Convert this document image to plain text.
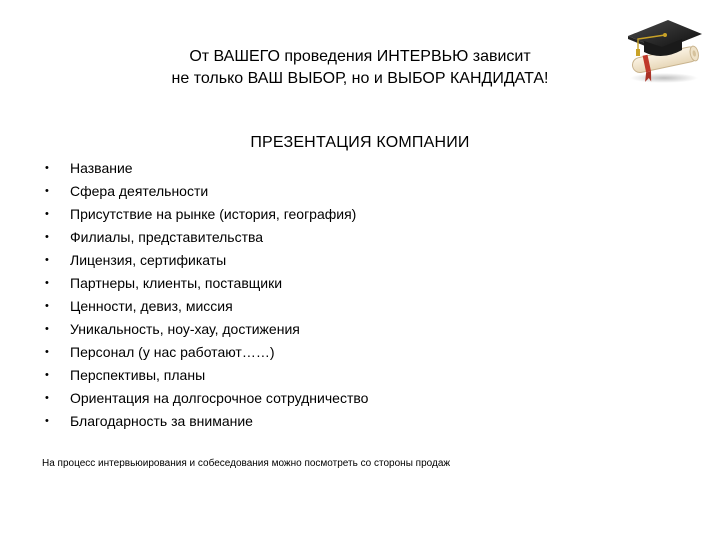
От ВАШЕГО проведения ИНТЕРВЬЮ зависит
не только ВАШ ВЫБОР, но и ВЫБОР КАНДИДАТА!
ПРЕЗЕНТАЦИЯ КОМПАНИИ
• Название
• Сфера деятельности
• Присутствие на рынке (история, география)
• Филиалы, представительства
• Лицензия, сертификаты
• Партнеры, клиенты, поставщики
• Ценности, девиз, миссия
• Уникальность, ноу-хау, достижения
• Персонал (у нас работают……)
• Перспективы, планы
• Ориентация на долгосрочное сотрудничество
• Благодарность за внимание
На процесс интервьюирования и собеседования можно посмотреть со стороны продаж
